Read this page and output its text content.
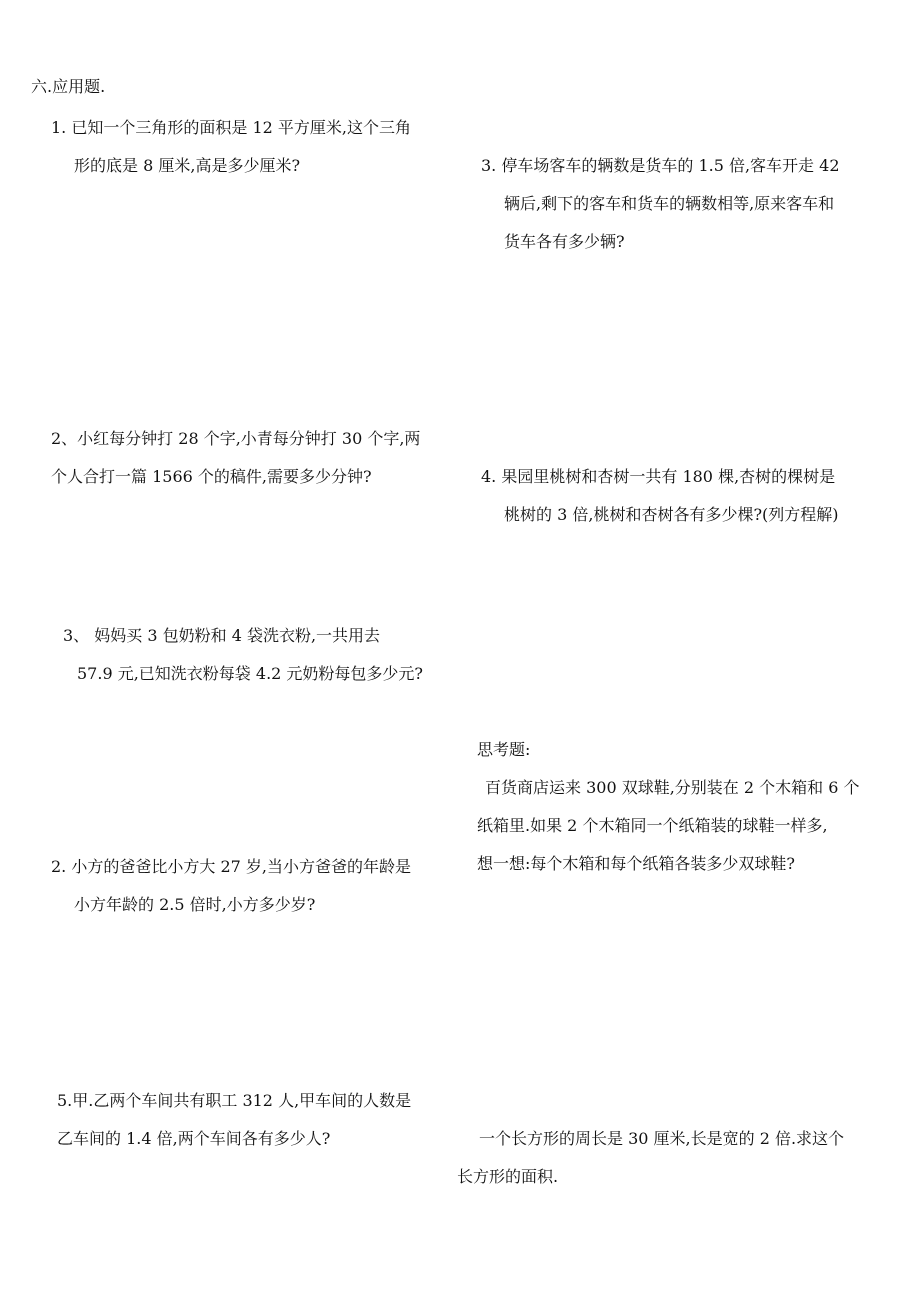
六.应用题.
1. 已知一个三角形的面积是 12 平方厘米,这个三角
形的底是 8 厘米,高是多少厘米?
2、小红每分钟打 28 个字,小青每分钟打 30 个字,两
个人合打一篇 1566 个的稿件,需要多少分钟?
3、 妈妈买 3 包奶粉和 4 袋洗衣粉,一共用去
57.9 元,已知洗衣粉每袋 4.2 元奶粉每包多少元?
2. 小方的爸爸比小方大 27 岁,当小方爸爸的年龄是
小方年龄的 2.5 倍时,小方多少岁?
5.甲.乙两个车间共有职工 312 人,甲车间的人数是
乙车间的 1.4 倍,两个车间各有多少人?
3. 停车场客车的辆数是货车的 1.5 倍,客车开走 42
辆后,剩下的客车和货车的辆数相等,原来客车和
货车各有多少辆?
4. 果园里桃树和杏树一共有 180 棵,杏树的棵树是
桃树的 3 倍,桃树和杏树各有多少棵?(列方程解)
思考题:
百货商店运来 300 双球鞋,分别装在 2 个木箱和 6 个
纸箱里.如果 2 个木箱同一个纸箱装的球鞋一样多,
想一想:每个木箱和每个纸箱各装多少双球鞋?
一个长方形的周长是 30 厘米,长是宽的 2 倍.求这个
长方形的面积.
